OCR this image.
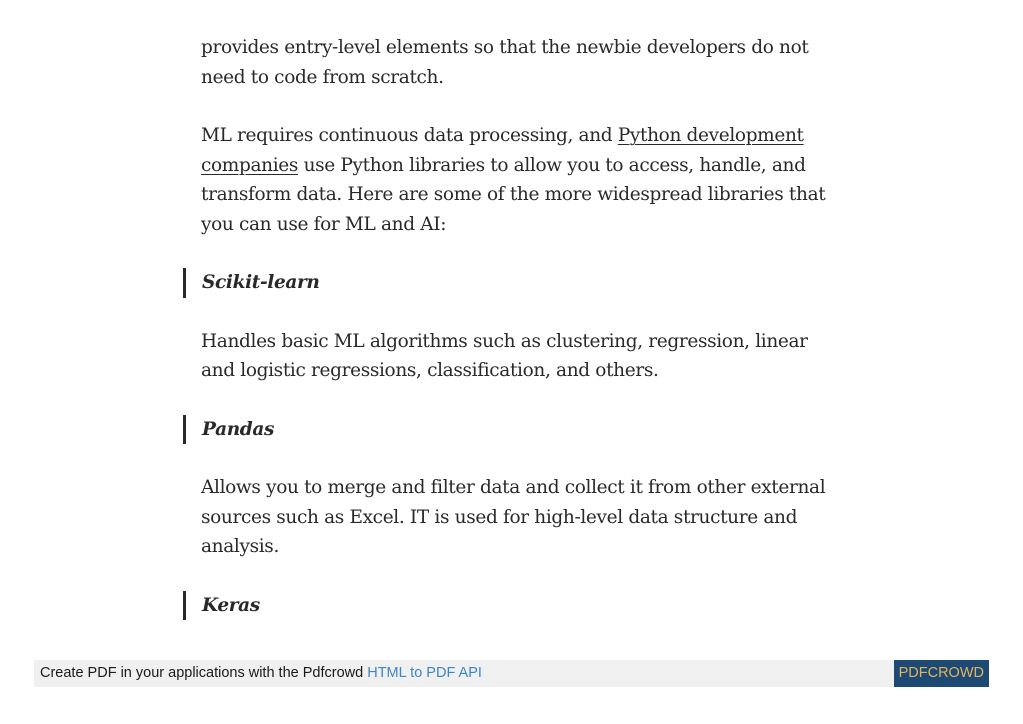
provides entry-level elements so that the newbie developers do not need to code from scratch.

ML requires continuous data processing, and Python development companies use Python libraries to allow you to access, handle, and transform data. Here are some of the more widespread libraries that you can use for ML and AI:

Scikit-learn

Handles basic ML algorithms such as clustering, regression, linear and logistic regressions, classification, and others.

Pandas

Allows you to merge and filter data and collect it from other external sources such as Excel. IT is used for high-level data structure and analysis.

Keras
Create PDF in your applications with the Pdfcrowd HTML to PDF API	PDFCROWD
